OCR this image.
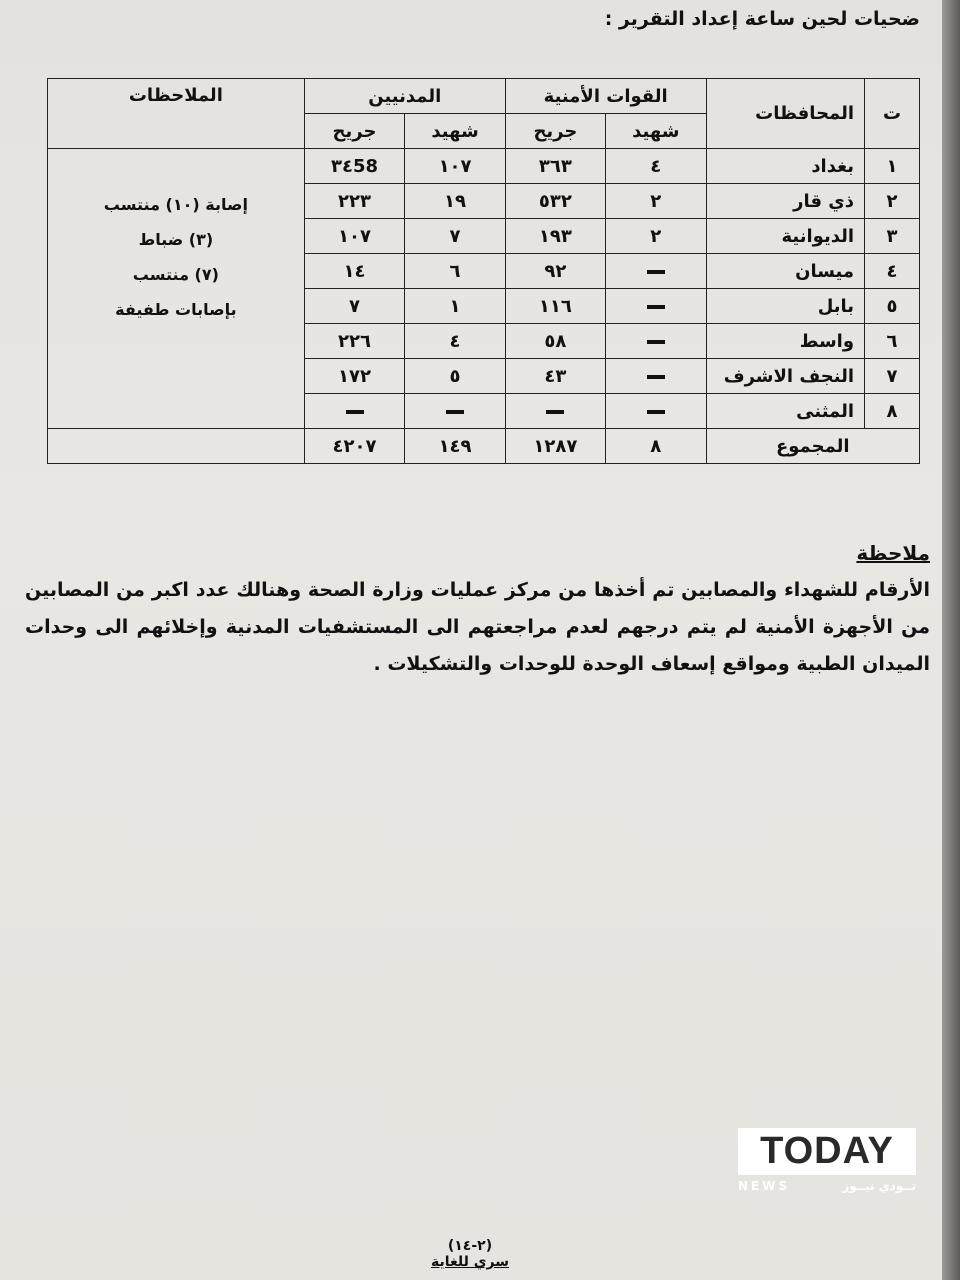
ضحيات لحين ساعة إعداد التقرير :
ت	المحافظات	القوات الأمنية		المدنيين		الملاحظات
		شهيد	جريح	شهيد	جريح	
١	بغداد	٤	٣٦٣	١٠٧	٣٤58	إصابة (١٠) منتسب
(٣) ضباط
(٧) منتسب
بإصابات طفيفة

٢	ذي قار	٢	٥٣٢	١٩	٢٢٣	
٣	الديوانية	٢	١٩٣	٧	١٠٧	
٤	ميسان		٩٢	٦	١٤	
٥	بابل		١١٦	١	٧	
٦	واسط		٥٨	٤	٢٢٦	
٧	النجف الاشرف		٤٣	٥	١٧٢	
٨	المثنى					
المجموع		٨	١٢٨٧	١٤٩	٤٢٠٧	
ملاحظة
الأرقام للشهداء والمصابين تم أخذها من مركز عمليات وزارة الصحة وهنالك عدد اكبر من المصابين من الأجهزة الأمنية لم يتم درجهم لعدم مراجعتهم الى المستشفيات المدنية وإخلائهم الى وحدات الميدان الطبية ومواقع إسعاف الوحدة للوحدات والتشكيلات .

TODAY
NEWS	تــودي نيــوز
(٢-١٤)
سري للغاية
